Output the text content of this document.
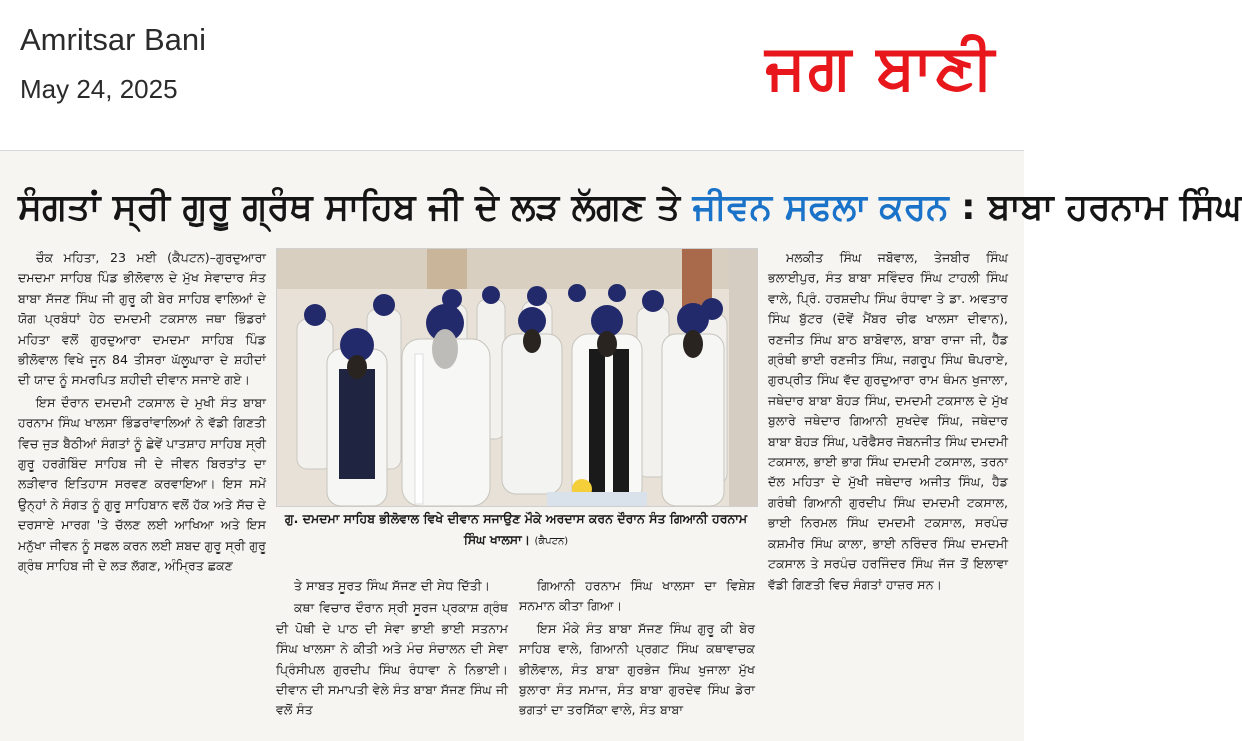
Amritsar Bani
May 24, 2025	ਜਗ ਬਾਣੀ
ਸੰਗਤਾਂ ਸ੍ਰੀ ਗੁਰੂ ਗ੍ਰੰਥ ਸਾਹਿਬ ਜੀ ਦੇ ਲੜ ਲੱਗਣ ਤੇ ਜੀਵਨ ਸਫਲਾ ਕਰਨ : ਬਾਬਾ ਹਰਨਾਮ ਸਿੰਘ

ਚੌਕ ਮਹਿਤਾ, 23 ਮਈ (ਕੈਪਟਨ)–ਗੁਰਦੁਆਰਾ ਦਮਦਮਾ ਸਾਹਿਬ ਪਿੰਡ ਭੀਲੋਵਾਲ ਦੇ ਮੁੱਖ ਸੇਵਾਦਾਰ ਸੰਤ ਬਾਬਾ ਸੱਜਣ ਸਿੰਘ ਜੀ ਗੁਰੂ ਕੀ ਬੇਰ ਸਾਹਿਬ ਵਾਲਿਆਂ ਦੇ ਯੋਗ ਪ੍ਰਬੰਧਾਂ ਹੇਠ ਦਮਦਮੀ ਟਕਸਾਲ ਜਥਾ ਭਿੰਡਰਾਂ ਮਹਿਤਾ ਵਲੋਂ ਗੁਰਦੁਆਰਾ ਦਮਦਮਾ ਸਾਹਿਬ ਪਿੰਡ ਭੀਲੋਵਾਲ ਵਿਖੇ ਜੂਨ 84 ਤੀਸਰਾ ਘੱਲੂਘਾਰਾ ਦੇ ਸ਼ਹੀਦਾਂ ਦੀ ਯਾਦ ਨੂੰ ਸਮਰਪਿਤ ਸ਼ਹੀਦੀ ਦੀਵਾਨ ਸਜਾਏ ਗਏ।

ਇਸ ਦੌਰਾਨ ਦਮਦਮੀ ਟਕਸਾਲ ਦੇ ਮੁਖੀ ਸੰਤ ਬਾਬਾ ਹਰਨਾਮ ਸਿੰਘ ਖਾਲਸਾ ਭਿੰਡਰਾਂਵਾਲਿਆਂ ਨੇ ਵੱਡੀ ਗਿਣਤੀ ਵਿਚ ਜੁੜ ਬੈਠੀਆਂ ਸੰਗਤਾਂ ਨੂੰ ਛੇਵੇਂ ਪਾਤਸ਼ਾਹ ਸਾਹਿਬ ਸ੍ਰੀ ਗੁਰੂ ਹਰਗੋਬਿੰਦ ਸਾਹਿਬ ਜੀ ਦੇ ਜੀਵਨ ਬਿਰਤਾਂਤ ਦਾ ਲੜੀਵਾਰ ਇਤਿਹਾਸ ਸਰਵਣ ਕਰਵਾਇਆ। ਇਸ ਸਮੇਂ ਉਨ੍ਹਾਂ ਨੇ ਸੰਗਤ ਨੂੰ ਗੁਰੂ ਸਾਹਿਬਾਨ ਵਲੋਂ ਹੱਕ ਅਤੇ ਸੱਚ ਦੇ ਦਰਸਾਏ ਮਾਰਗ 'ਤੇ ਚੱਲਣ ਲਈ ਆਖਿਆ ਅਤੇ ਇਸ ਮਨੁੱਖਾ ਜੀਵਨ ਨੂੰ ਸਫਲ ਕਰਨ ਲਈ ਸ਼ਬਦ ਗੁਰੂ ਸ੍ਰੀ ਗੁਰੂ ਗ੍ਰੰਥ ਸਾਹਿਬ ਜੀ ਦੇ ਲੜ ਲੱਗਣ, ਅੰਮ੍ਰਿਤ ਛਕਣ

ਗੁ. ਦਮਦਮਾ ਸਾਹਿਬ ਭੀਲੋਵਾਲ ਵਿਖੇ ਦੀਵਾਨ ਸਜਾਉਣ ਮੌਕੇ ਅਰਦਾਸ ਕਰਨ ਦੌਰਾਨ ਸੰਤ ਗਿਆਨੀ ਹਰਨਾਮ ਸਿੰਘ ਖਾਲਸਾ। (ਕੈਪਟਨ)

ਤੇ ਸਾਬਤ ਸੂਰਤ ਸਿੰਘ ਸੱਜਣ ਦੀ ਸੇਧ ਦਿੱਤੀ।

ਕਥਾ ਵਿਚਾਰ ਦੌਰਾਨ ਸ੍ਰੀ ਸੂਰਜ ਪ੍ਰਕਾਸ਼ ਗ੍ਰੰਥ ਦੀ ਪੋਥੀ ਦੇ ਪਾਠ ਦੀ ਸੇਵਾ ਭਾਈ ਭਾਈ ਸਤਨਾਮ ਸਿੰਘ ਖਾਲਸਾ ਨੇ ਕੀਤੀ ਅਤੇ ਮੰਚ ਸੰਚਾਲਨ ਦੀ ਸੇਵਾ ਪ੍ਰਿੰਸੀਪਲ ਗੁਰਦੀਪ ਸਿੰਘ ਰੰਧਾਵਾ ਨੇ ਨਿਭਾਈ। ਦੀਵਾਨ ਦੀ ਸਮਾਪਤੀ ਵੇਲੇ ਸੰਤ ਬਾਬਾ ਸੱਜਣ ਸਿੰਘ ਜੀ ਵਲੋਂ ਸੰਤ

ਗਿਆਨੀ ਹਰਨਾਮ ਸਿੰਘ ਖਾਲਸਾ ਦਾ ਵਿਸ਼ੇਸ਼ ਸਨਮਾਨ ਕੀਤਾ ਗਿਆ।

ਇਸ ਮੌਕੇ ਸੰਤ ਬਾਬਾ ਸੱਜਣ ਸਿੰਘ ਗੁਰੂ ਕੀ ਬੇਰ ਸਾਹਿਬ ਵਾਲੇ, ਗਿਆਨੀ ਪ੍ਰਗਟ ਸਿੰਘ ਕਥਾਵਾਚਕ ਭੀਲੋਵਾਲ, ਸੰਤ ਬਾਬਾ ਗੁਰਭੇਜ ਸਿੰਘ ਖੁਜਾਲਾ ਮੁੱਖ ਬੁਲਾਰਾ ਸੰਤ ਸਮਾਜ, ਸੰਤ ਬਾਬਾ ਗੁਰਦੇਵ ਸਿੰਘ ਡੇਰਾ ਭਗਤਾਂ ਦਾ ਤਰਸਿੱਕਾ ਵਾਲੇ, ਸੰਤ ਬਾਬਾ

ਮਲਕੀਤ ਸਿੰਘ ਜਬੋਵਾਲ, ਤੇਜਬੀਰ ਸਿੰਘ ਭਲਾਈਪੁਰ, ਸੰਤ ਬਾਬਾ ਸਵਿੰਦਰ ਸਿੰਘ ਟਾਹਲੀ ਸਿੰਘ ਵਾਲੇ, ਪ੍ਰਿੰ. ਹਰਸ਼ਦੀਪ ਸਿੰਘ ਰੰਧਾਵਾ ਤੇ ਡਾ. ਅਵਤਾਰ ਸਿੰਘ ਬੁੱਟਰ (ਦੋਵੇਂ ਮੈਂਬਰ ਚੀਫ ਖਾਲਸਾ ਦੀਵਾਨ), ਰਣਜੀਤ ਸਿੰਘ ਬਾਠ ਬਾਬੋਵਾਲ, ਬਾਬਾ ਰਾਜਾ ਜੀ, ਹੈੱਡ ਗ੍ਰੰਥੀ ਭਾਈ ਰਣਜੀਤ ਸਿੰਘ, ਜਗਰੂਪ ਸਿੰਘ ਥੋਪਰਾਏ, ਗੁਰਪ੍ਰੀਤ ਸਿੰਘ ਵੱਦ ਗੁਰਦੁਆਰਾ ਰਾਮ ਥੰਮਨ ਖੁਜਾਲਾ, ਜਥੇਦਾਰ ਬਾਬਾ ਬੋਹੜ ਸਿੰਘ, ਦਮਦਮੀ ਟਕਸਾਲ ਦੇ ਮੁੱਖ ਬੁਲਾਰੇ ਜਥੇਦਾਰ ਗਿਆਨੀ ਸੁਖਦੇਵ ਸਿੰਘ, ਜਥੇਦਾਰ ਬਾਬਾ ਬੋਹੜ ਸਿੰਘ, ਪਰੋਫੈਸਰ ਜੋਬਨਜੀਤ ਸਿੰਘ ਦਮਦਮੀ ਟਕਸਾਲ, ਭਾਈ ਭਾਗ ਸਿੰਘ ਦਮਦਮੀ ਟਕਸਾਲ, ਤਰਨਾ ਦੱਲ ਮਹਿਤਾ ਦੇ ਮੁੱਖੀ ਜਥੇਦਾਰ ਅਜੀਤ ਸਿੰਘ, ਹੈਡ ਗਰੰਥੀ ਗਿਆਨੀ ਗੁਰਦੀਪ ਸਿੰਘ ਦਮਦਮੀ ਟਕਸਾਲ, ਭਾਈ ਨਿਰਮਲ ਸਿੰਘ ਦਮਦਮੀ ਟਕਸਾਲ, ਸਰਪੰਚ ਕਸ਼ਮੀਰ ਸਿੰਘ ਕਾਲਾ, ਭਾਈ ਨਰਿੰਦਰ ਸਿੰਘ ਦਮਦਮੀ ਟਕਸਾਲ ਤੇ ਸਰਪੰਚ ਹਰਜਿੰਦਰ ਸਿੰਘ ਜੱਜ ਤੋਂ ਇਲਾਵਾ ਵੱਡੀ ਗਿਣਤੀ ਵਿਚ ਸੰਗਤਾਂ ਹਾਜ਼ਰ ਸਨ।
